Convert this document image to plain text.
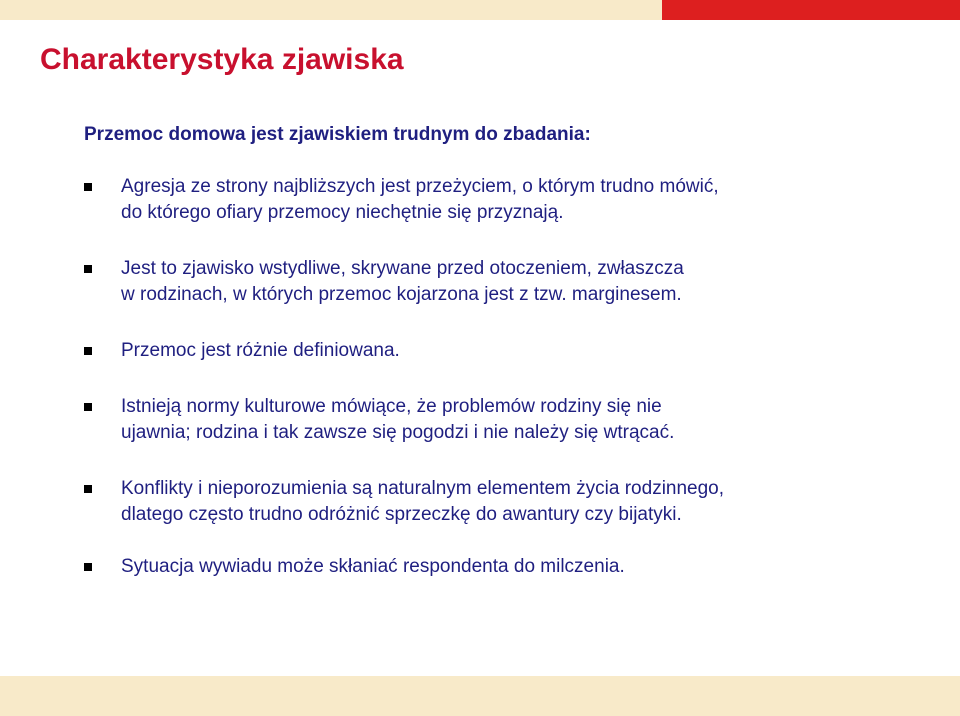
Charakterystyka zjawiska

Przemoc domowa jest zjawiskiem trudnym do zbadania:

Agresja ze strony najbliższych jest przeżyciem, o którym trudno mówić,
do którego ofiary przemocy niechętnie się przyznają.
Jest to zjawisko wstydliwe, skrywane przed otoczeniem, zwłaszcza
w rodzinach, w których przemoc kojarzona jest z tzw. marginesem.
Przemoc jest różnie definiowana.
Istnieją normy kulturowe mówiące, że problemów rodziny się nie
ujawnia; rodzina i tak zawsze się pogodzi i nie należy się wtrącać.
Konflikty i nieporozumienia są naturalnym elementem życia rodzinnego,
dlatego często trudno odróżnić sprzeczkę do awantury czy bijatyki.
Sytuacja wywiadu może skłaniać respondenta do milczenia.
